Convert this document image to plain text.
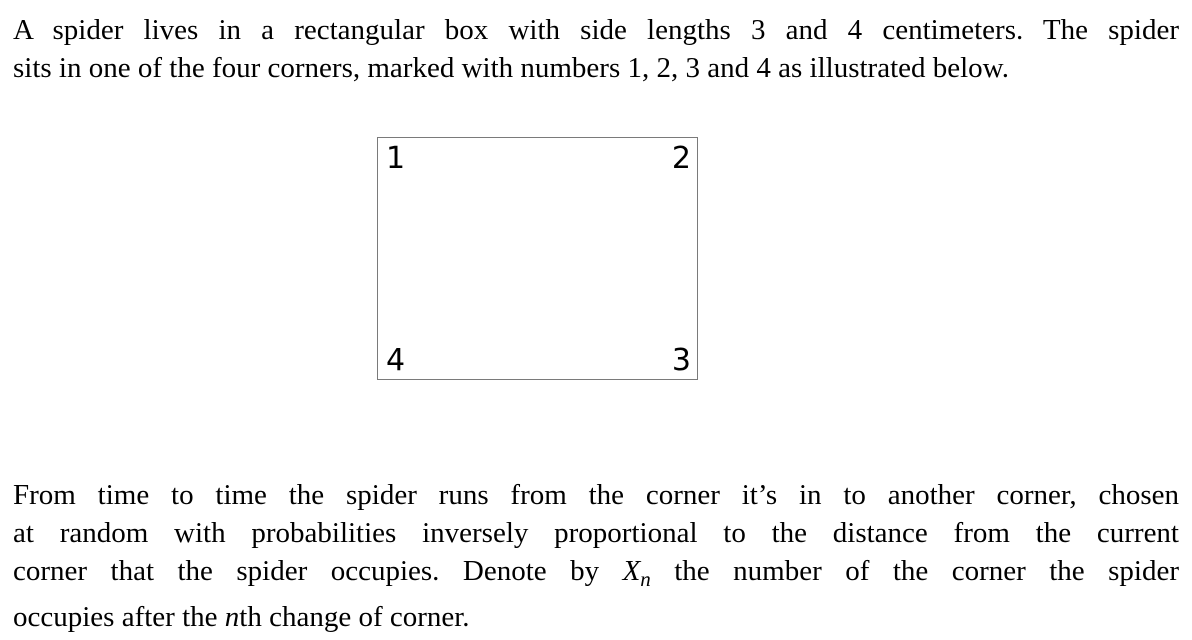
A spider lives in a rectangular box with side lengths 3 and 4 centimeters. The spider
sits in one of the four corners, marked with numbers 1, 2, 3 and 4 as illustrated below.
1	2
3
4
From time to time the spider runs from the corner it’s in to another corner, chosen
at random with probabilities inversely proportional to the distance from the current
corner that the spider occupies. Denote by $X_n$ the number of the corner the spider
occupies after the nth change of corner.
